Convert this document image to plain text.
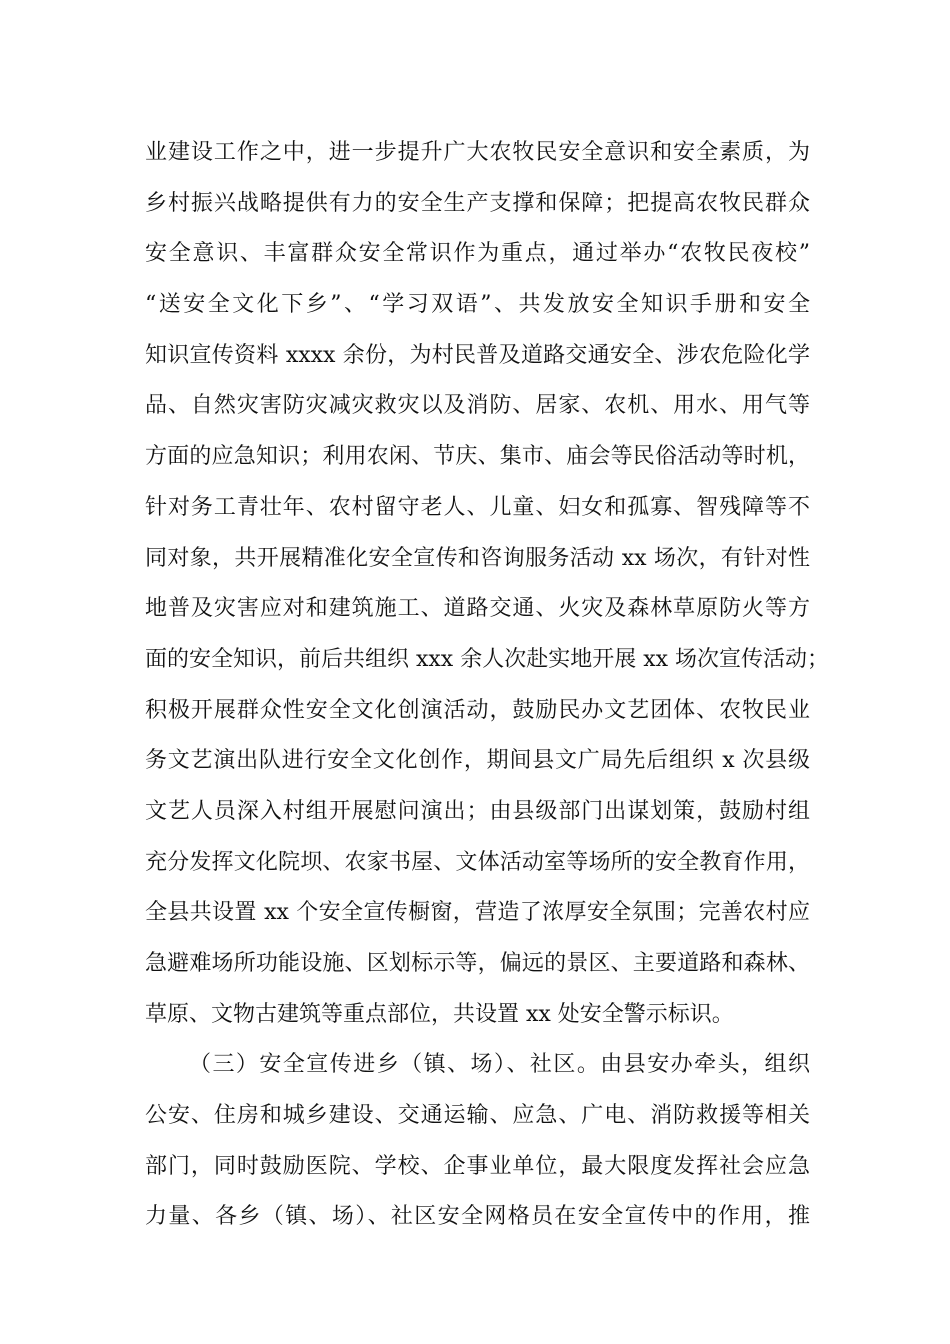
业建设工作之中，进一步提升广大农牧民安全意识和安全素质，为
乡村振兴战略提供有力的安全生产支撑和保障；把提高农牧民群众
安全意识、丰富群众安全常识作为重点，通过举办“农牧民夜校”
“送安全文化下乡”、“学习双语”、共发放安全知识手册和安全
知识宣传资料 xxxx 余份，为村民普及道路交通安全、涉农危险化学
品、自然灾害防灾减灾救灾以及消防、居家、农机、用水、用气等
方面的应急知识；利用农闲、节庆、集市、庙会等民俗活动等时机，
针对务工青壮年、农村留守老人、儿童、妇女和孤寡、智残障等不
同对象，共开展精准化安全宣传和咨询服务活动 xx 场次，有针对性
地普及灾害应对和建筑施工、道路交通、火灾及森林草原防火等方
面的安全知识，前后共组织 xxx 余人次赴实地开展 xx 场次宣传活动；
积极开展群众性安全文化创演活动，鼓励民办文艺团体、农牧民业
务文艺演出队进行安全文化创作，期间县文广局先后组织 x 次县级
文艺人员深入村组开展慰问演出；由县级部门出谋划策，鼓励村组
充分发挥文化院坝、农家书屋、文体活动室等场所的安全教育作用，
全县共设置 xx 个安全宣传橱窗，营造了浓厚安全氛围；完善农村应
急避难场所功能设施、区划标示等，偏远的景区、主要道路和森林、
草原、文物古建筑等重点部位，共设置 xx 处安全警示标识。
（三）安全宣传进乡（镇、场）、社区。由县安办牵头，组织
公安、住房和城乡建设、交通运输、应急、广电、消防救援等相关
部门，同时鼓励医院、学校、企事业单位，最大限度发挥社会应急
力量、各乡（镇、场）、社区安全网格员在安全宣传中的作用，推
